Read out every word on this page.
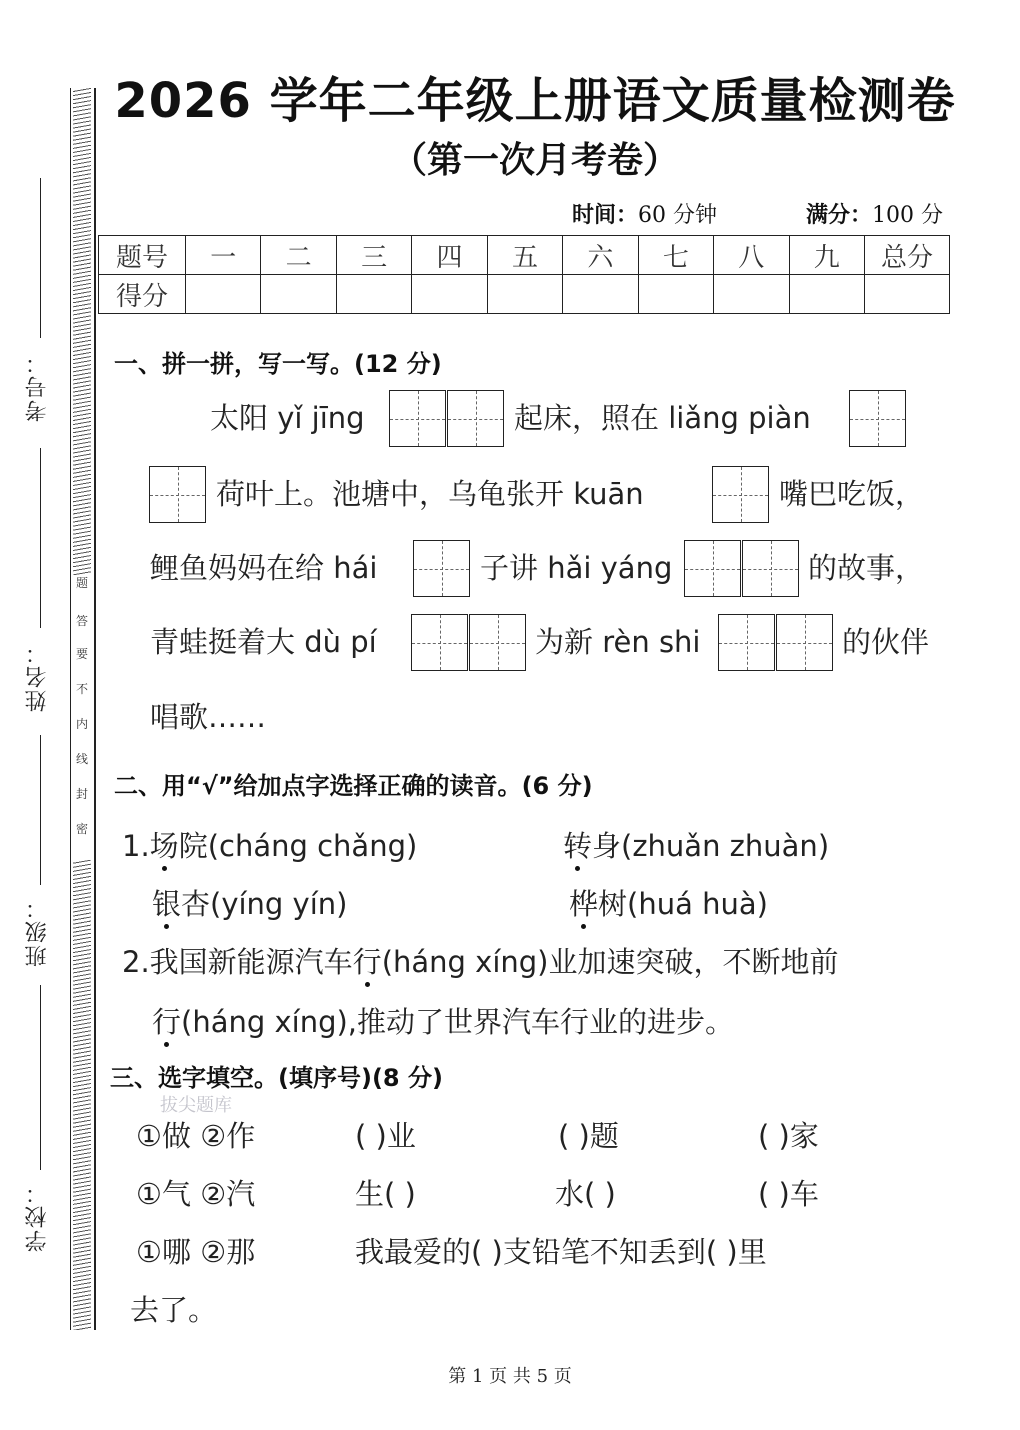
题
答
要
不
内
线
封
密
考号：
姓名：
班级：
学校：
2026 学年二年级上册语文质量检测卷
（第一次月考卷）
时间：60 分钟	满分：100 分
题号	一	二	三	四	五	六	七	八	九	总分
得分										
一、拼一拼，写一写。(12 分)
太阳 yǐ jīng	起床，照在 liǎng piàn
荷叶上。池塘中，乌龟张开 kuān	嘴巴吃饭，
鲤鱼妈妈在给 hái	子讲 hǎi yáng	的故事，
青蛙挺着大 dù pí	为新 rèn shi	的伙伴
唱歌……
二、用“√”给加点字选择正确的读音。(6 分)
1.场院(cháng chǎng)	转身(zhuǎn zhuàn)
银杏(yíng yín)	桦树(huá huà)
2.我国新能源汽车行(háng xíng)业加速突破，不断地前
行(háng xíng),推动了世界汽车行业的进步。
三、选字填空。(填序号)(8 分)
拔尖题库
①做 ②作	( )业	( )题	( )家
①气 ②汽	生( )	水( )	( )车
①哪 ②那	我最爱的( )支铅笔不知丢到( )里
去了。
第 1 页 共 5 页
